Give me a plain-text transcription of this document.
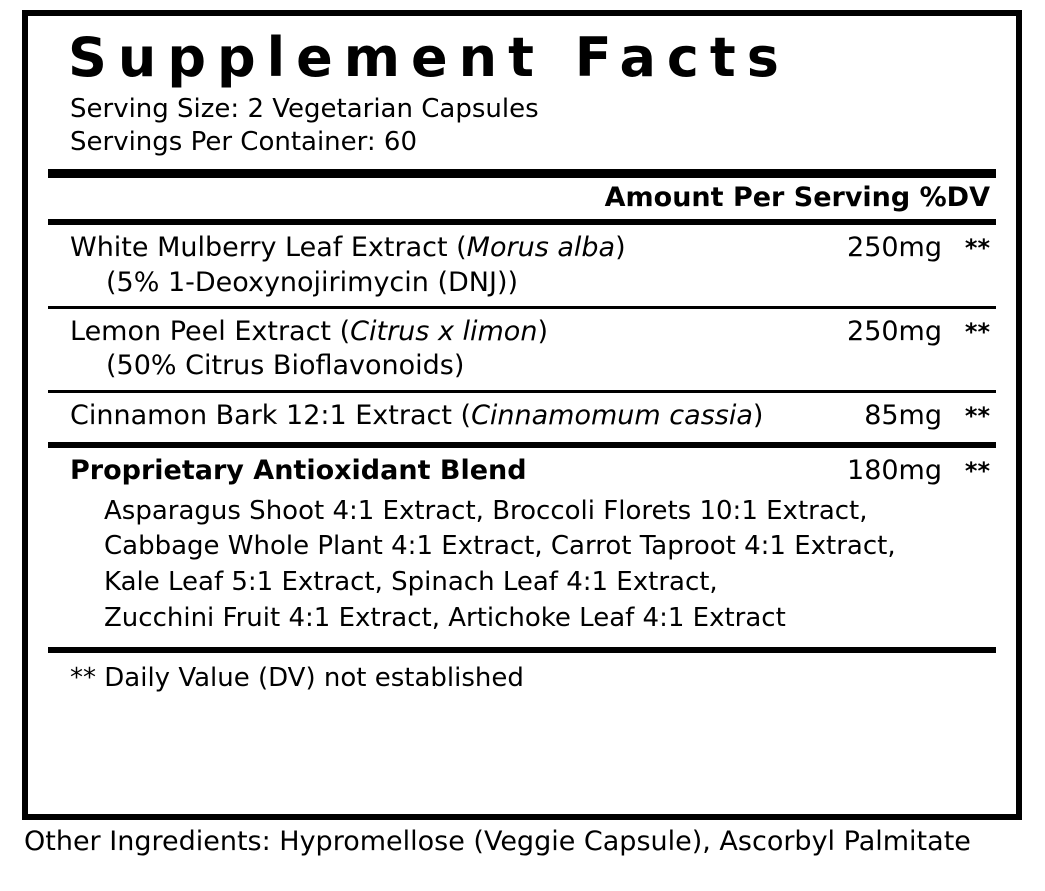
Supplement Facts
Serving Size: 2 Vegetarian Capsules
Servings Per Container: 60
Amount Per Serving %DV
White Mulberry Leaf Extract (Morus alba)	250mg **
(5% 1-Deoxynojirimycin (DNJ))
Lemon Peel Extract (Citrus x limon)	250mg **
(50% Citrus Bioflavonoids)
Cinnamon Bark 12:1 Extract (Cinnamomum cassia)	85mg **
Proprietary Antioxidant Blend	180mg **
Asparagus Shoot 4:1 Extract, Broccoli Florets 10:1 Extract,
Cabbage Whole Plant 4:1 Extract, Carrot Taproot 4:1 Extract,
Kale Leaf 5:1 Extract, Spinach Leaf 4:1 Extract,
Zucchini Fruit 4:1 Extract, Artichoke Leaf 4:1 Extract
** Daily Value (DV) not established
Other Ingredients: Hypromellose (Veggie Capsule), Ascorbyl Palmitate
